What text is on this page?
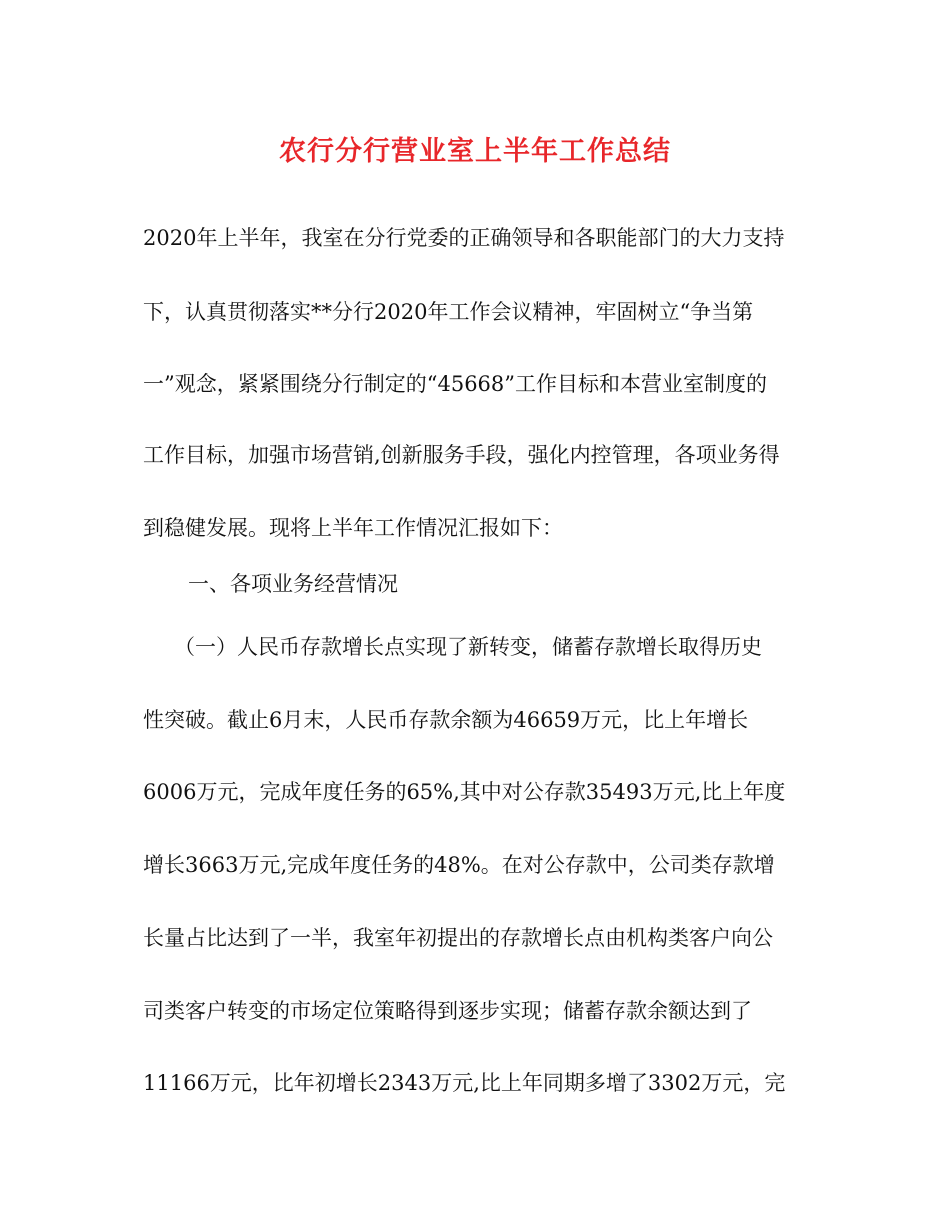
农行分行营业室上半年工作总结
2020年上半年，我室在分行党委的正确领导和各职能部门的大力支持
下，认真贯彻落实**分行2020年工作会议精神，牢固树立“争当第
一”观念，紧紧围绕分行制定的“45668”工作目标和本营业室制度的
工作目标，加强市场营销,创新服务手段，强化内控管理，各项业务得
到稳健发展。现将上半年工作情况汇报如下：
一、各项业务经营情况
（一）人民币存款增长点实现了新转变，储蓄存款增长取得历史
性突破。截止6月末，人民币存款余额为46659万元，比上年增长
6006万元，完成年度任务的65%,其中对公存款35493万元,比上年度
增长3663万元,完成年度任务的48%。在对公存款中，公司类存款增
长量占比达到了一半，我室年初提出的存款增长点由机构类客户向公
司类客户转变的市场定位策略得到逐步实现；储蓄存款余额达到了
11166万元，比年初增长2343万元,比上年同期多增了3302万元，完
